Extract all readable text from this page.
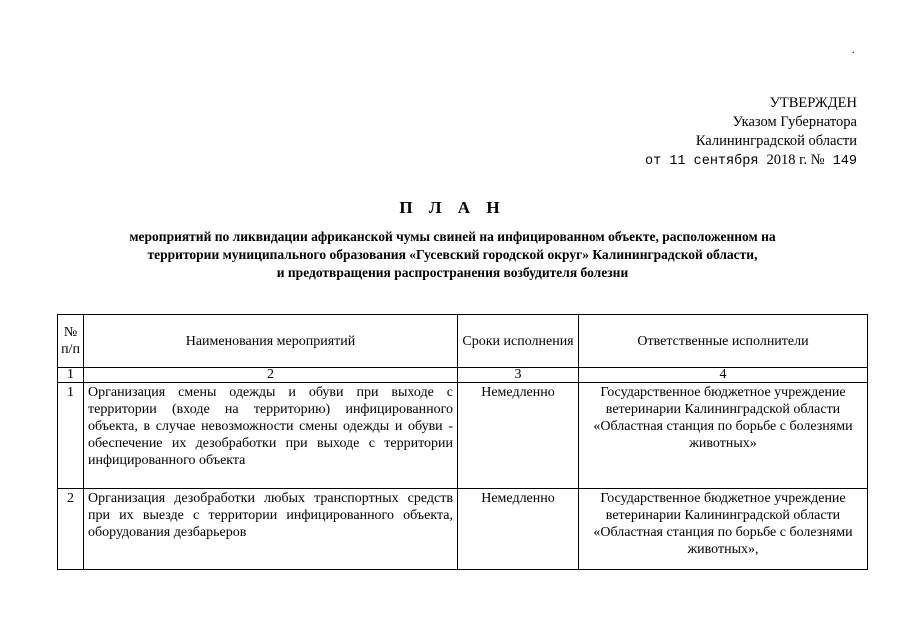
·
УТВЕРЖДЕН
Указом Губернатора
Калининградской области
от 11 сентября 2018 г. № 149
П Л А Н
мероприятий по ликвидации африканской чумы свиней на инфицированном объекте, расположенном на
территории муниципального образования «Гусевский городской округ» Калининградской области,
и предотвращения распространения возбудителя болезни
№ п/п	Наименования мероприятий	Сроки исполнения	Ответственные исполнители
1	2	3	4
1	Организация смены одежды и обуви при выходе с территории (входе на территорию) инфицированного объекта, в случае невозможности смены одежды и обуви - обеспечение их дезобработки при выходе с территории инфицированного объекта	Немедленно	Государственное бюджетное учреждение ветеринарии Калининградской области «Областная станция по борьбе с болезнями животных»
2	Организация дезобработки любых транспортных средств при их выезде с территории инфицированного объекта, оборудования дезбарьеров	Немедленно	Государственное бюджетное учреждение ветеринарии Калининградской области «Областная станция по борьбе с болезнями животных»,
